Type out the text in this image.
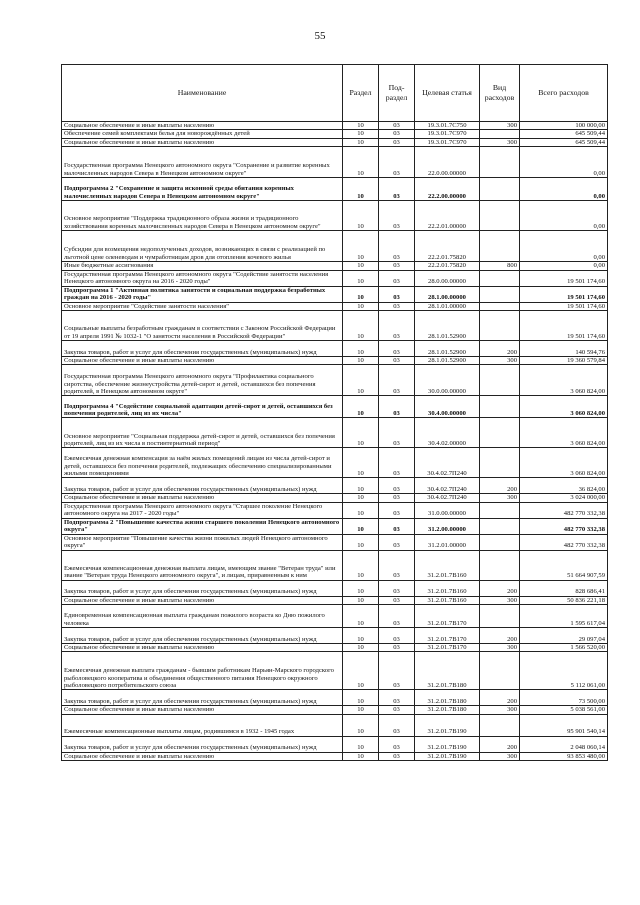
55
Наименование	Раздел	Под-раздел	Целевая статья	Вид расходов	Всего расходов
Социальное обеспечение и иные выплаты населению	10	03	19.3.01.7С750	300	100 000,00
Обеспечение семей комплектами белья для новорождённых детей	10	03	19.3.01.7С970		645 509,44
Социальное обеспечение и иные выплаты населению	10	03	19.3.01.7С970	300	645 509,44
Государственная программа Ненецкого автономного округа "Сохранение и развитие коренных малочисленных народов Севера в Ненецком автономном округе"	10	03	22.0.00.00000		0,00
Подпрограмма 2 "Сохранение и защита исконной среды обитания коренных малочисленных народов Севера в Ненецком автономном округе"	10	03	22.2.00.00000		0,00
Основное мероприятие "Поддержка традиционного образа жизни и традиционного хозяйствования коренных малочисленных народов Севера в Ненецком автономном округе"	10	03	22.2.01.00000		0,00
Субсидии для возмещения недополученных доходов, возникающих в связи с реализацией по льготной цене оленеводам и чумработницам дров для отопления кочевого жилья	10	03	22.2.01.75820		0,00
Иные бюджетные ассигнования	10	03	22.2.01.75820	800	0,00
Государственная программа Ненецкого автономного округа "Содействие занятости населения Ненецкого автономного округа на 2016 - 2020 годы"	10	03	28.0.00.00000		19 501 174,60
Подпрограмма 1 "Активная политика занятости и социальная поддержка безработных граждан на 2016 - 2020 годы"	10	03	28.1.00.00000		19 501 174,60
Основное мероприятие "Содействие занятости населения"	10	03	28.1.01.00000		19 501 174,60
Социальные выплаты безработным гражданам в соответствии с Законом Российской Федерации от 19 апреля 1991 № 1032-1 "О занятости населения в Российской Федерации"	10	03	28.1.01.52900		19 501 174,60
Закупка товаров, работ и услуг для обеспечения государственных (муниципальных) нужд	10	03	28.1.01.52900	200	140 594,76
Социальное обеспечение и иные выплаты населению	10	03	28.1.01.52900	300	19 360 579,84
Государственная программа Ненецкого автономного округа "Профилактика социального сиротства, обеспечение жизнеустройства детей-сирот и детей, оставшихся без попечения родителей, в Ненецком автономном округе"	10	03	30.0.00.00000		3 060 824,00
Подпрограмма 4 "Содействие социальной адаптации детей-сирот и детей, оставшихся без попечения родителей, лиц из их числа"	10	03	30.4.00.00000		3 060 824,00
Основное мероприятие "Социальная поддержка детей-сирот и детей, оставшихся без попечения родителей, лиц из их числа в постинтернатный период"	10	03	30.4.02.00000		3 060 824,00
Ежемесячная денежная компенсация за наём жилых помещений лицам из числа детей-сирот и детей, оставшихся без попечения родителей, подлежащих обеспечению специализированными жилыми помещениями	10	03	30.4.02.7П240		3 060 824,00
Закупка товаров, работ и услуг для обеспечения государственных (муниципальных) нужд	10	03	30.4.02.7П240	200	36 824,00
Социальное обеспечение и иные выплаты населению	10	03	30.4.02.7П240	300	3 024 000,00
Государственная программа Ненецкого автономного округа "Старшее поколение Ненецкого автономного округа на 2017 - 2020 годы"	10	03	31.0.00.00000		482 770 332,38
Подпрограмма 2 "Повышение качества жизни старшего поколения Ненецкого автономного округа"	10	03	31.2.00.00000		482 770 332,38
Основное мероприятие "Повышение качества жизни пожилых людей Ненецкого автономного округа"	10	03	31.2.01.00000		482 770 332,38
Ежемесячная компенсационная денежная выплата лицам, имеющим звание "Ветеран труда" или звание "Ветеран труда Ненецкого автономного округа", и лицам, приравненным к ним	10	03	31.2.01.7В160		51 664 907,59
Закупка товаров, работ и услуг для обеспечения государственных (муниципальных) нужд	10	03	31.2.01.7В160	200	828 686,41
Социальное обеспечение и иные выплаты населению	10	03	31.2.01.7В160	300	50 836 221,18
Единовременная компенсационная выплата гражданам пожилого возраста ко Дню пожилого человека	10	03	31.2.01.7В170		1 595 617,04
Закупка товаров, работ и услуг для обеспечения государственных (муниципальных) нужд	10	03	31.2.01.7В170	200	29 097,04
Социальное обеспечение и иные выплаты населению	10	03	31.2.01.7В170	300	1 566 520,00
Ежемесячная денежная выплата гражданам - бывшим работникам Нарьян-Марского городского рыболовецкого кооператива и объединения общественного питания Ненецкого окружного рыболовецкого потребительского союза	10	03	31.2.01.7В180		5 112 061,00
Закупка товаров, работ и услуг для обеспечения государственных (муниципальных) нужд	10	03	31.2.01.7В180	200	73 500,00
Социальное обеспечение и иные выплаты населению	10	03	31.2.01.7В180	300	5 038 561,00
Ежемесячные компенсационные выплаты лицам, родившимся в 1932 - 1945 годах	10	03	31.2.01.7В190		95 901 540,14
Закупка товаров, работ и услуг для обеспечения государственных (муниципальных) нужд	10	03	31.2.01.7В190	200	2 048 060,14
Социальное обеспечение и иные выплаты населению	10	03	31.2.01.7В190	300	93 853 480,00
